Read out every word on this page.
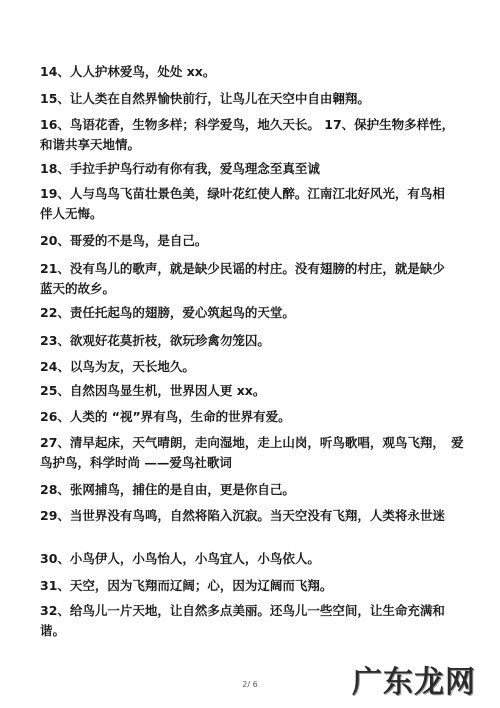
14、人人护林爱鸟，处处 xx。
15、让人类在自然界愉快前行，让鸟儿在天空中自由翱翔。
16、鸟语花香，生物多样；科学爱鸟，地久天长。 17、保护生物多样性，　和谐共享天地情。
18、手拉手护鸟行动有你有我，爱鸟理念至真至诚
19、人与鸟鸟飞苗壮景色美，绿叶花红使人醉。江南江北好风光，有鸟相　伴人无悔。
20、哥爱的不是鸟，是自己。
21、没有鸟儿的歌声，就是缺少民谣的村庄。没有翅膀的村庄，就是缺少　蓝天的故乡。
22、责任托起鸟的翅膀，爱心筑起鸟的天堂。
23、欲观好花莫折枝，欲玩珍禽勿笼囚。
24、以鸟为友，天长地久。
25、自然因鸟显生机，世界因人更 xx。
26、人类的 “视”界有鸟，生命的世界有爱。
27、清早起床，天气晴朗，走向湿地，走上山岗，听鸟歌唱，观鸟飞翔，　爱鸟护鸟，科学时尚 ——爱鸟社歌词
28、张网捕鸟，捕住的是自由，更是你自己。
29、当世界没有鸟鸣，自然将陷入沉寂。当天空没有飞翔，人类将永世迷
30、小鸟伊人，小鸟怡人，小鸟宜人，小鸟依人。
31、天空，因为飞翔而辽阔；心，因为辽阔而飞翔。
32、给鸟儿一片天地，让自然多点美丽。还鸟儿一些空间，让生命充满和　谐。
2/ 6	广东龙网
